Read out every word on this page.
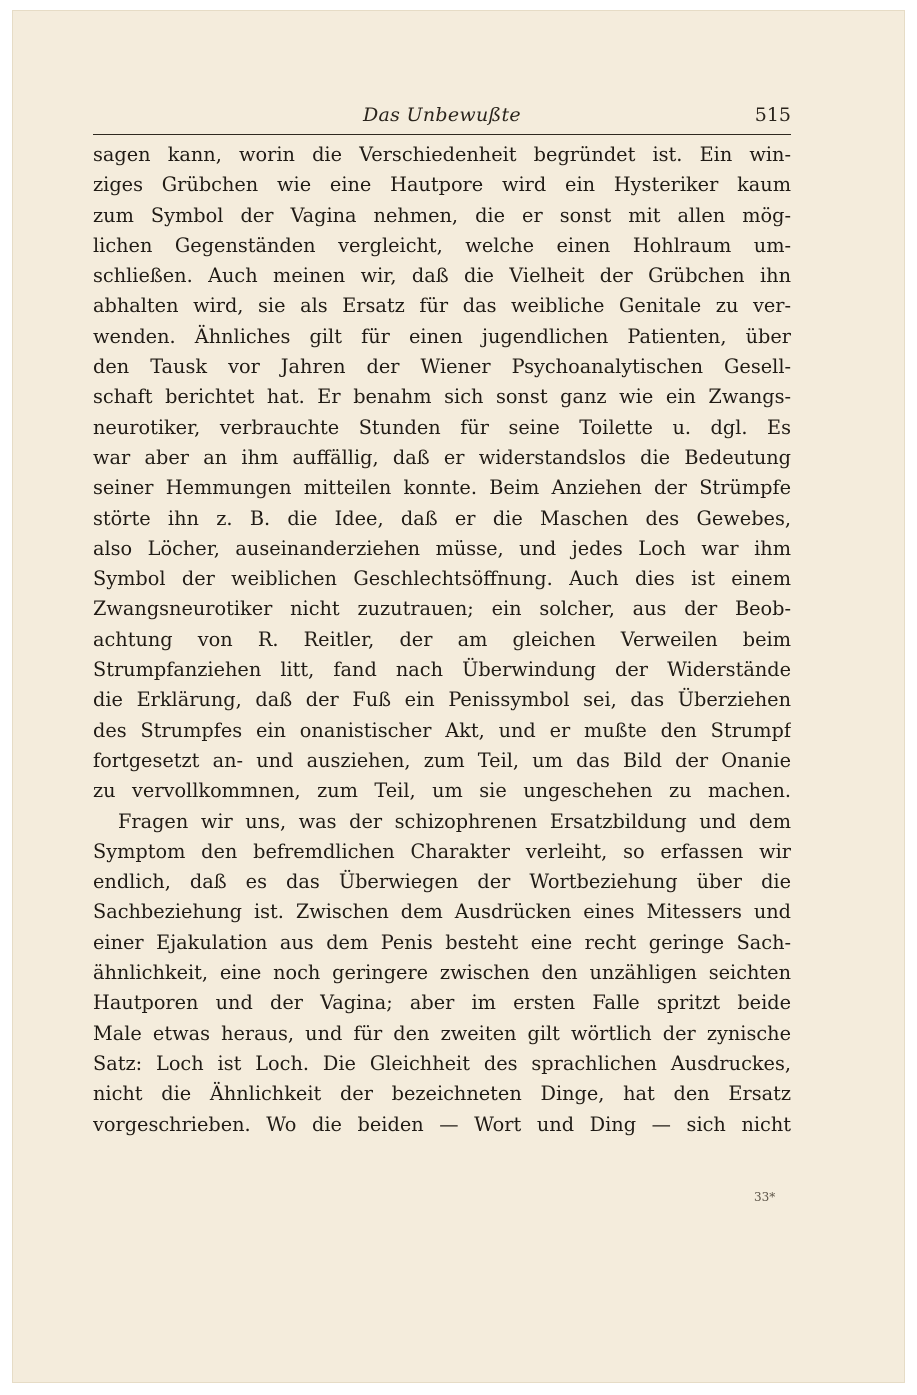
Das Unbewußte	515
sagen kann, worin die Verschiedenheit begründet ist. Ein win-
ziges Grübchen wie eine Hautpore wird ein Hysteriker kaum
zum Symbol der Vagina nehmen, die er sonst mit allen mög-
lichen Gegenständen vergleicht, welche einen Hohlraum um-
schließen. Auch meinen wir, daß die Vielheit der Grübchen ihn
abhalten wird, sie als Ersatz für das weibliche Genitale zu ver-
wenden. Ähnliches gilt für einen jugendlichen Patienten, über
den Tausk vor Jahren der Wiener Psychoanalytischen Gesell-
schaft berichtet hat. Er benahm sich sonst ganz wie ein Zwangs-
neurotiker, verbrauchte Stunden für seine Toilette u. dgl. Es
war aber an ihm auffällig, daß er widerstandslos die Bedeutung
seiner Hemmungen mitteilen konnte. Beim Anziehen der Strümpfe
störte ihn z. B. die Idee, daß er die Maschen des Gewebes,
also Löcher, auseinanderziehen müsse, und jedes Loch war ihm
Symbol der weiblichen Geschlechtsöffnung. Auch dies ist einem
Zwangsneurotiker nicht zuzutrauen; ein solcher, aus der Beob-
achtung von R. Reitler, der am gleichen Verweilen beim
Strumpfanziehen litt, fand nach Überwindung der Widerstände
die Erklärung, daß der Fuß ein Penissymbol sei, das Überziehen
des Strumpfes ein onanistischer Akt, und er mußte den Strumpf
fortgesetzt an- und ausziehen, zum Teil, um das Bild der Onanie
zu vervollkommnen, zum Teil, um sie ungeschehen zu machen.
Fragen wir uns, was der schizophrenen Ersatzbildung und dem
Symptom den befremdlichen Charakter verleiht, so erfassen wir
endlich, daß es das Überwiegen der Wortbeziehung über die
Sachbeziehung ist. Zwischen dem Ausdrücken eines Mitessers und
einer Ejakulation aus dem Penis besteht eine recht geringe Sach-
ähnlichkeit, eine noch geringere zwischen den unzähligen seichten
Hautporen und der Vagina; aber im ersten Falle spritzt beide
Male etwas heraus, und für den zweiten gilt wörtlich der zynische
Satz: Loch ist Loch. Die Gleichheit des sprachlichen Ausdruckes,
nicht die Ähnlichkeit der bezeichneten Dinge, hat den Ersatz
vorgeschrieben. Wo die beiden — Wort und Ding — sich nicht
33*
